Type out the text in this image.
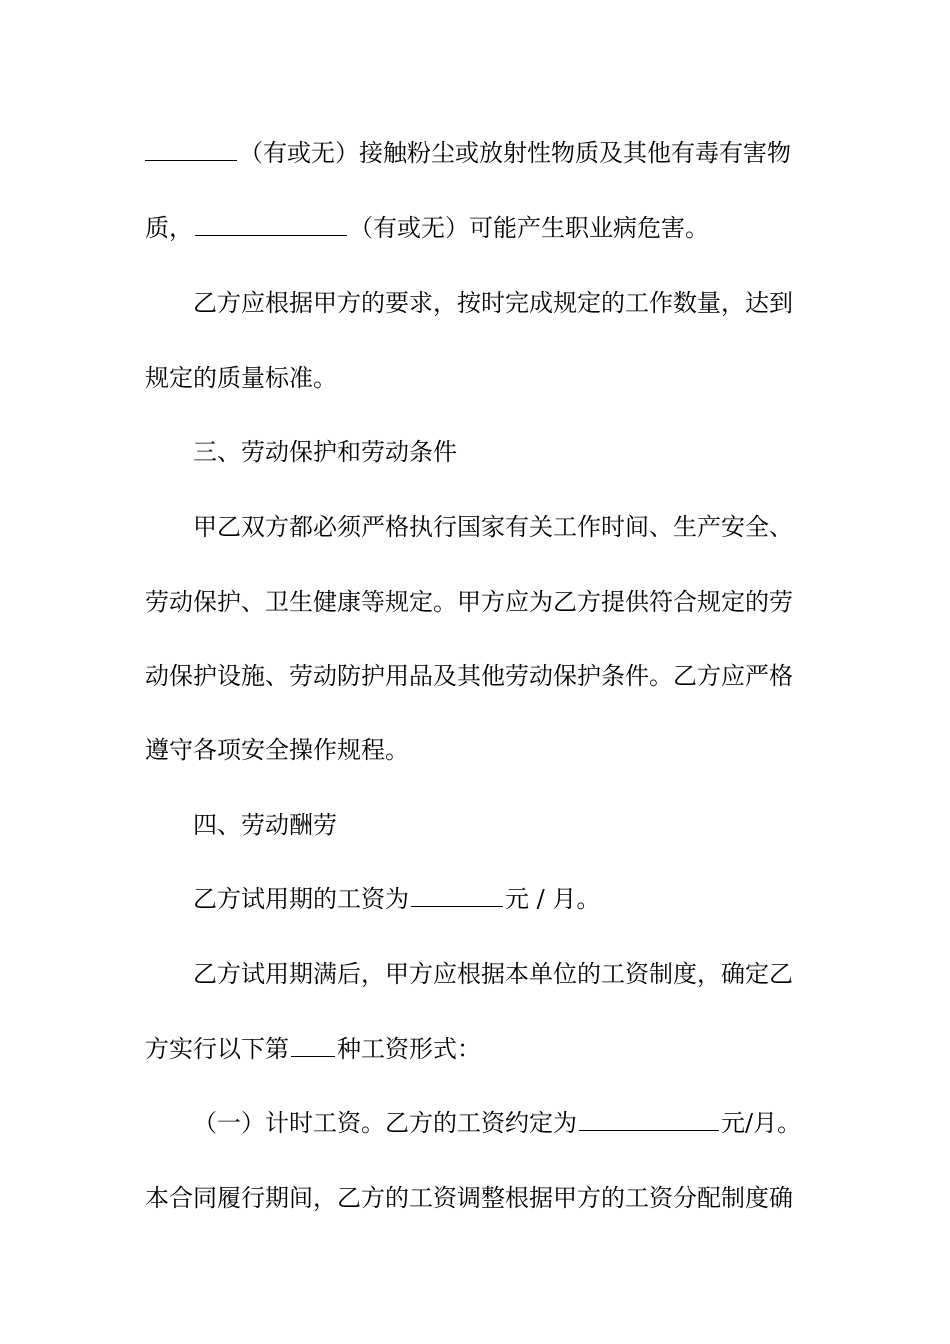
（有或无）接触粉尘或放射性物质及其他有毒有害物
质，	（有或无）可能产生职业病危害。
乙方应根据甲方的要求，按时完成规定的工作数量，达到
规定的质量标准。
三、劳动保护和劳动条件
甲乙双方都必须严格执行国家有关工作时间、生产安全、
劳动保护、卫生健康等规定。甲方应为乙方提供符合规定的劳
动保护设施、劳动防护用品及其他劳动保护条件。乙方应严格
遵守各项安全操作规程。
四、劳动酬劳
乙方试用期的工资为	元 / 月。
乙方试用期满后，甲方应根据本单位的工资制度，确定乙
方实行以下第 种工资形式：
（一）计时工资。乙方的工资约定为	元/月。
本合同履行期间，乙方的工资调整根据甲方的工资分配制度确
